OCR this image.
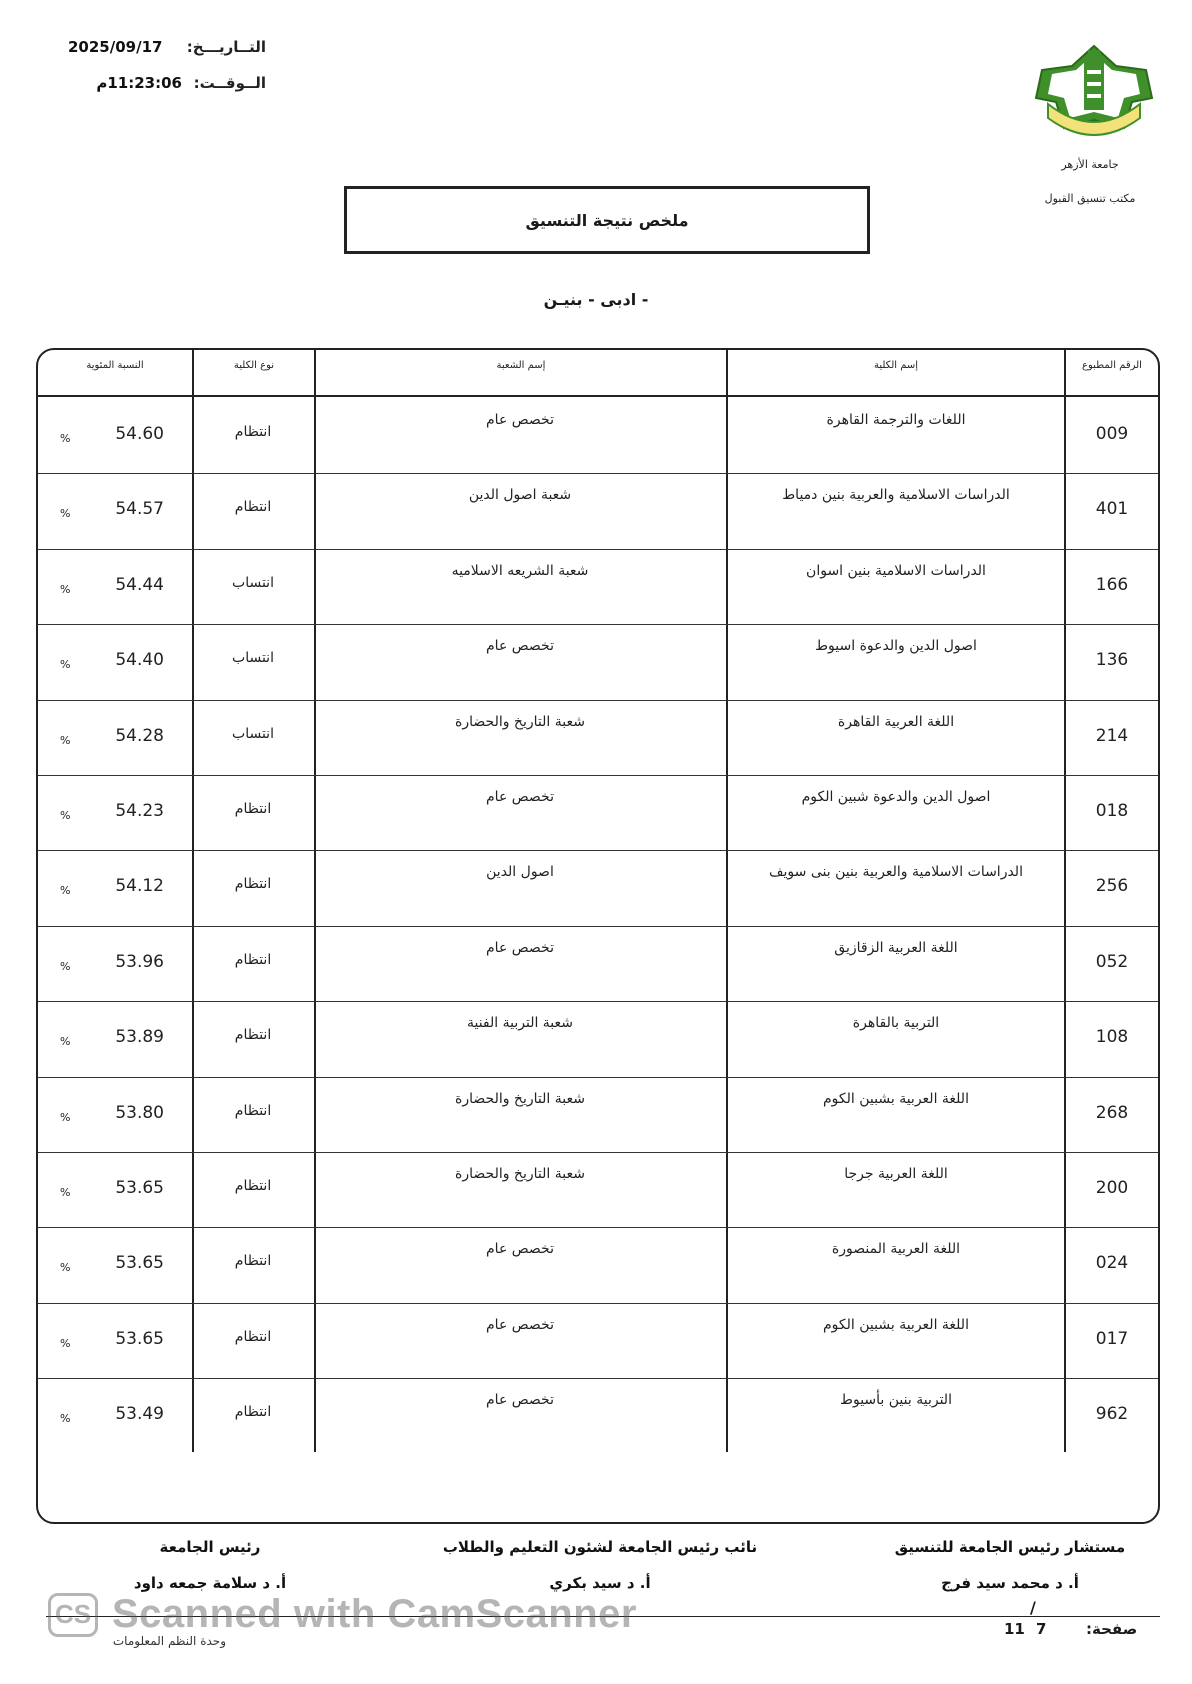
التــاريـــخ:
2025/09/17
الــوقــت:
11:23:06م
جامعة الأزهر
مكتب تنسيق القبول
ملخص نتيجة التنسيق
- ادبى - بنيـن
الرقم المطبوع
إسم الكلية
إسم الشعبة
نوع الكلية
النسبة المئوية
009
اللغات والترجمة القاهرة
تخصص عام
انتظام
54.60
%
401
الدراسات الاسلامية والعربية بنين دمياط
شعبة اصول الدين
انتظام
54.57
%
166
الدراسات الاسلامية بنين اسوان
شعبة الشريعه الاسلاميه
انتساب
54.44
%
136
اصول الدين والدعوة اسيوط
تخصص عام
انتساب
54.40
%
214
اللغة العربية القاهرة
شعبة التاريخ والحضارة
انتساب
54.28
%
018
اصول الدين والدعوة شبين الكوم
تخصص عام
انتظام
54.23
%
256
الدراسات الاسلامية والعربية بنين بنى سويف
اصول الدين
انتظام
54.12
%
052
اللغة العربية الزقازيق
تخصص عام
انتظام
53.96
%
108
التربية بالقاهرة
شعبة التربية الفنية
انتظام
53.89
%
268
اللغة العربية بشبين الكوم
شعبة التاريخ والحضارة
انتظام
53.80
%
200
اللغة العربية جرجا
شعبة التاريخ والحضارة
انتظام
53.65
%
024
اللغة العربية المنصورة
تخصص عام
انتظام
53.65
%
017
اللغة العربية بشبين الكوم
تخصص عام
انتظام
53.65
%
962
التربية بنين بأسيوط
تخصص عام
انتظام
53.49
%
مستشار رئيس الجامعة للتنسيق
أ. د محمد سيد فرج
نائب رئيس الجامعة لشئون التعليم والطلاب
أ. د سيد بكري
رئيس الجامعة
أ. د سلامة جمعه داود
/
صفحة:
7
11
وحدة النظم المعلومات
CS Scanned with CamScanner
